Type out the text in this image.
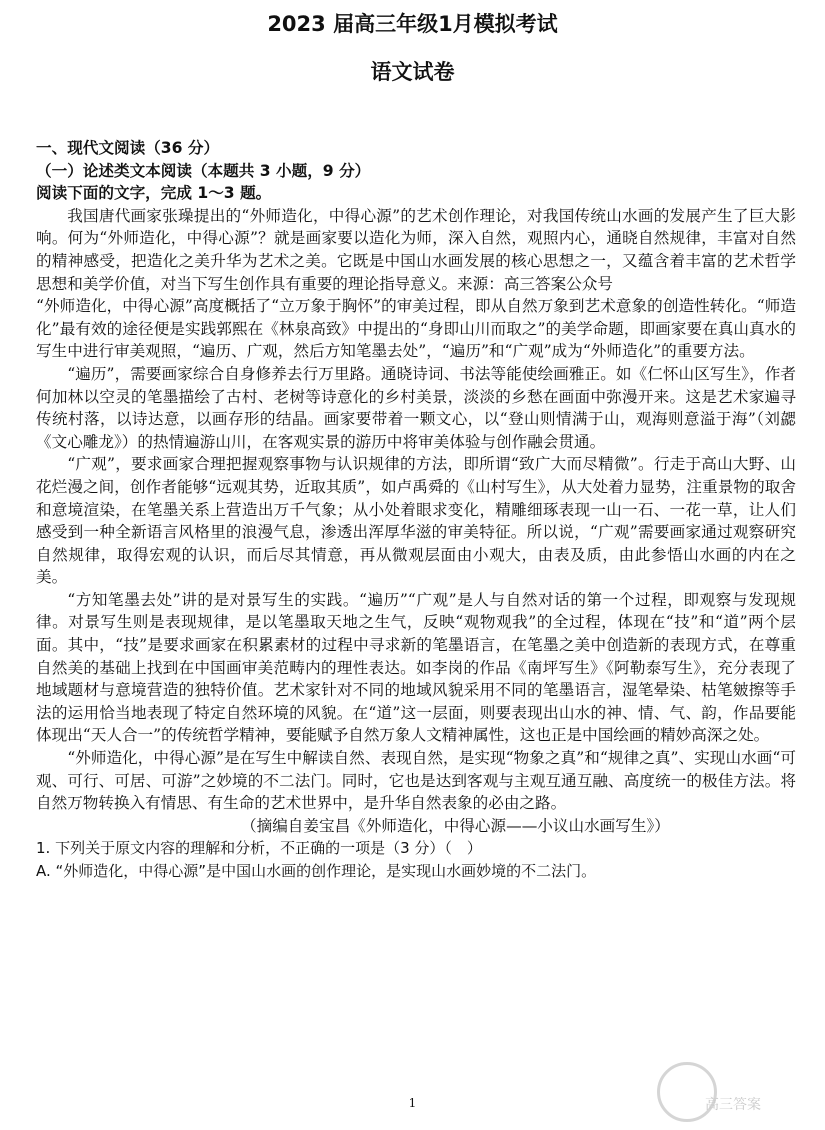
2023 届高三年级1月模拟考试
语文试卷

一、现代文阅读（36 分）

（一）论述类文本阅读（本题共 3 小题，9 分）

阅读下面的文字，完成 1～3 题。

我国唐代画家张璪提出的“外师造化，中得心源”的艺术创作理论，对我国传统山水画的发展产生了巨大影响。何为“外师造化，中得心源”？就是画家要以造化为师，深入自然，观照内心，通晓自然规律，丰富对自然的精神感受，把造化之美升华为艺术之美。它既是中国山水画发展的核心思想之一，又蕴含着丰富的艺术哲学思想和美学价值，对当下写生创作具有重要的理论指导意义。来源：高三答案公众号

“外师造化，中得心源”高度概括了“立万象于胸怀”的审美过程，即从自然万象到艺术意象的创造性转化。“师造化”最有效的途径便是实践郭熙在《林泉高致》中提出的“身即山川而取之”的美学命题，即画家要在真山真水的写生中进行审美观照，“遍历、广观，然后方知笔墨去处”，“遍历”和“广观”成为“外师造化”的重要方法。

“遍历”，需要画家综合自身修养去行万里路。通晓诗词、书法等能使绘画雅正。如《仁怀山区写生》，作者何加林以空灵的笔墨描绘了古村、老树等诗意化的乡村美景，淡淡的乡愁在画面中弥漫开来。这是艺术家遍寻传统村落，以诗达意，以画存形的结晶。画家要带着一颗文心，以“登山则情满于山，观海则意溢于海”（刘勰《文心雕龙》）的热情遍游山川，在客观实景的游历中将审美体验与创作融会贯通。

“广观”，要求画家合理把握观察事物与认识规律的方法，即所谓“致广大而尽精微”。行走于高山大野、山花烂漫之间，创作者能够“远观其势，近取其质”，如卢禹舜的《山村写生》，从大处着力显势，注重景物的取舍和意境渲染，在笔墨关系上营造出万千气象；从小处着眼求变化，精雕细琢表现一山一石、一花一草，让人们感受到一种全新语言风格里的浪漫气息，渗透出浑厚华滋的审美特征。所以说，“广观”需要画家通过观察研究自然规律，取得宏观的认识，而后尽其情意，再从微观层面由小观大，由表及质，由此参悟山水画的内在之美。

“方知笔墨去处”讲的是对景写生的实践。“遍历”“广观”是人与自然对话的第一个过程，即观察与发现规律。对景写生则是表现规律，是以笔墨取天地之生气，反映“观物观我”的全过程，体现在“技”和“道”两个层面。其中，“技”是要求画家在积累素材的过程中寻求新的笔墨语言，在笔墨之美中创造新的表现方式，在尊重自然美的基础上找到在中国画审美范畴内的理性表达。如李岗的作品《南坪写生》《阿勒泰写生》，充分表现了地域题材与意境营造的独特价值。艺术家针对不同的地域风貌采用不同的笔墨语言，湿笔晕染、枯笔皴擦等手法的运用恰当地表现了特定自然环境的风貌。在“道”这一层面，则要表现出山水的神、情、气、韵，作品要能体现出“天人合一”的传统哲学精神，要能赋予自然万象人文精神属性，这也正是中国绘画的精妙高深之处。

“外师造化，中得心源”是在写生中解读自然、表现自然，是实现“物象之真”和“规律之真”、实现山水画“可观、可行、可居、可游”之妙境的不二法门。同时，它也是达到客观与主观互通互融、高度统一的极佳方法。将自然万物转换入有情思、有生命的艺术世界中，是升华自然表象的必由之路。

（摘编自姜宝昌《外师造化，中得心源——小议山水画写生》）

1. 下列关于原文内容的理解和分析，不正确的一项是（3 分）（　）

A. “外师造化，中得心源”是中国山水画的创作理论，是实现山水画妙境的不二法门。

1	高三答案
